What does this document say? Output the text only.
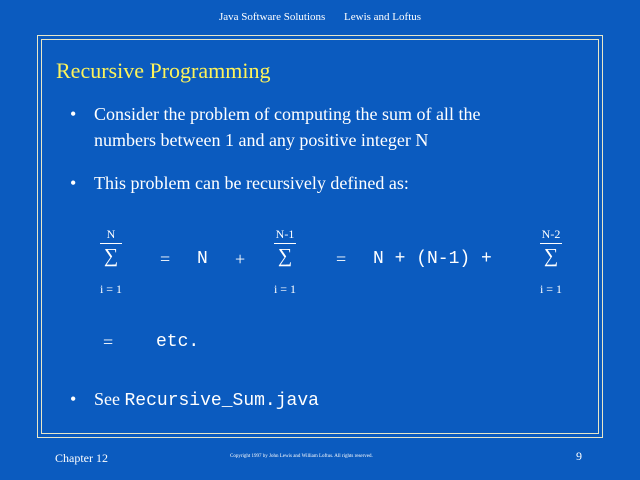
Java Software Solutions Lewis and Loftus
Recursive Programming
• Consider the problem of computing the sum of all the
numbers between 1 and any positive integer N
• This problem can be recursively defined as:
N
∑
i = 1
= N +
N-1
∑
i = 1
= N + (N-1) +
N-2
∑
i = 1
= etc.
• See Recursive_Sum.java
Chapter 12	Copyright 1997 by John Lewis and William Loftus. All rights reserved.	9
